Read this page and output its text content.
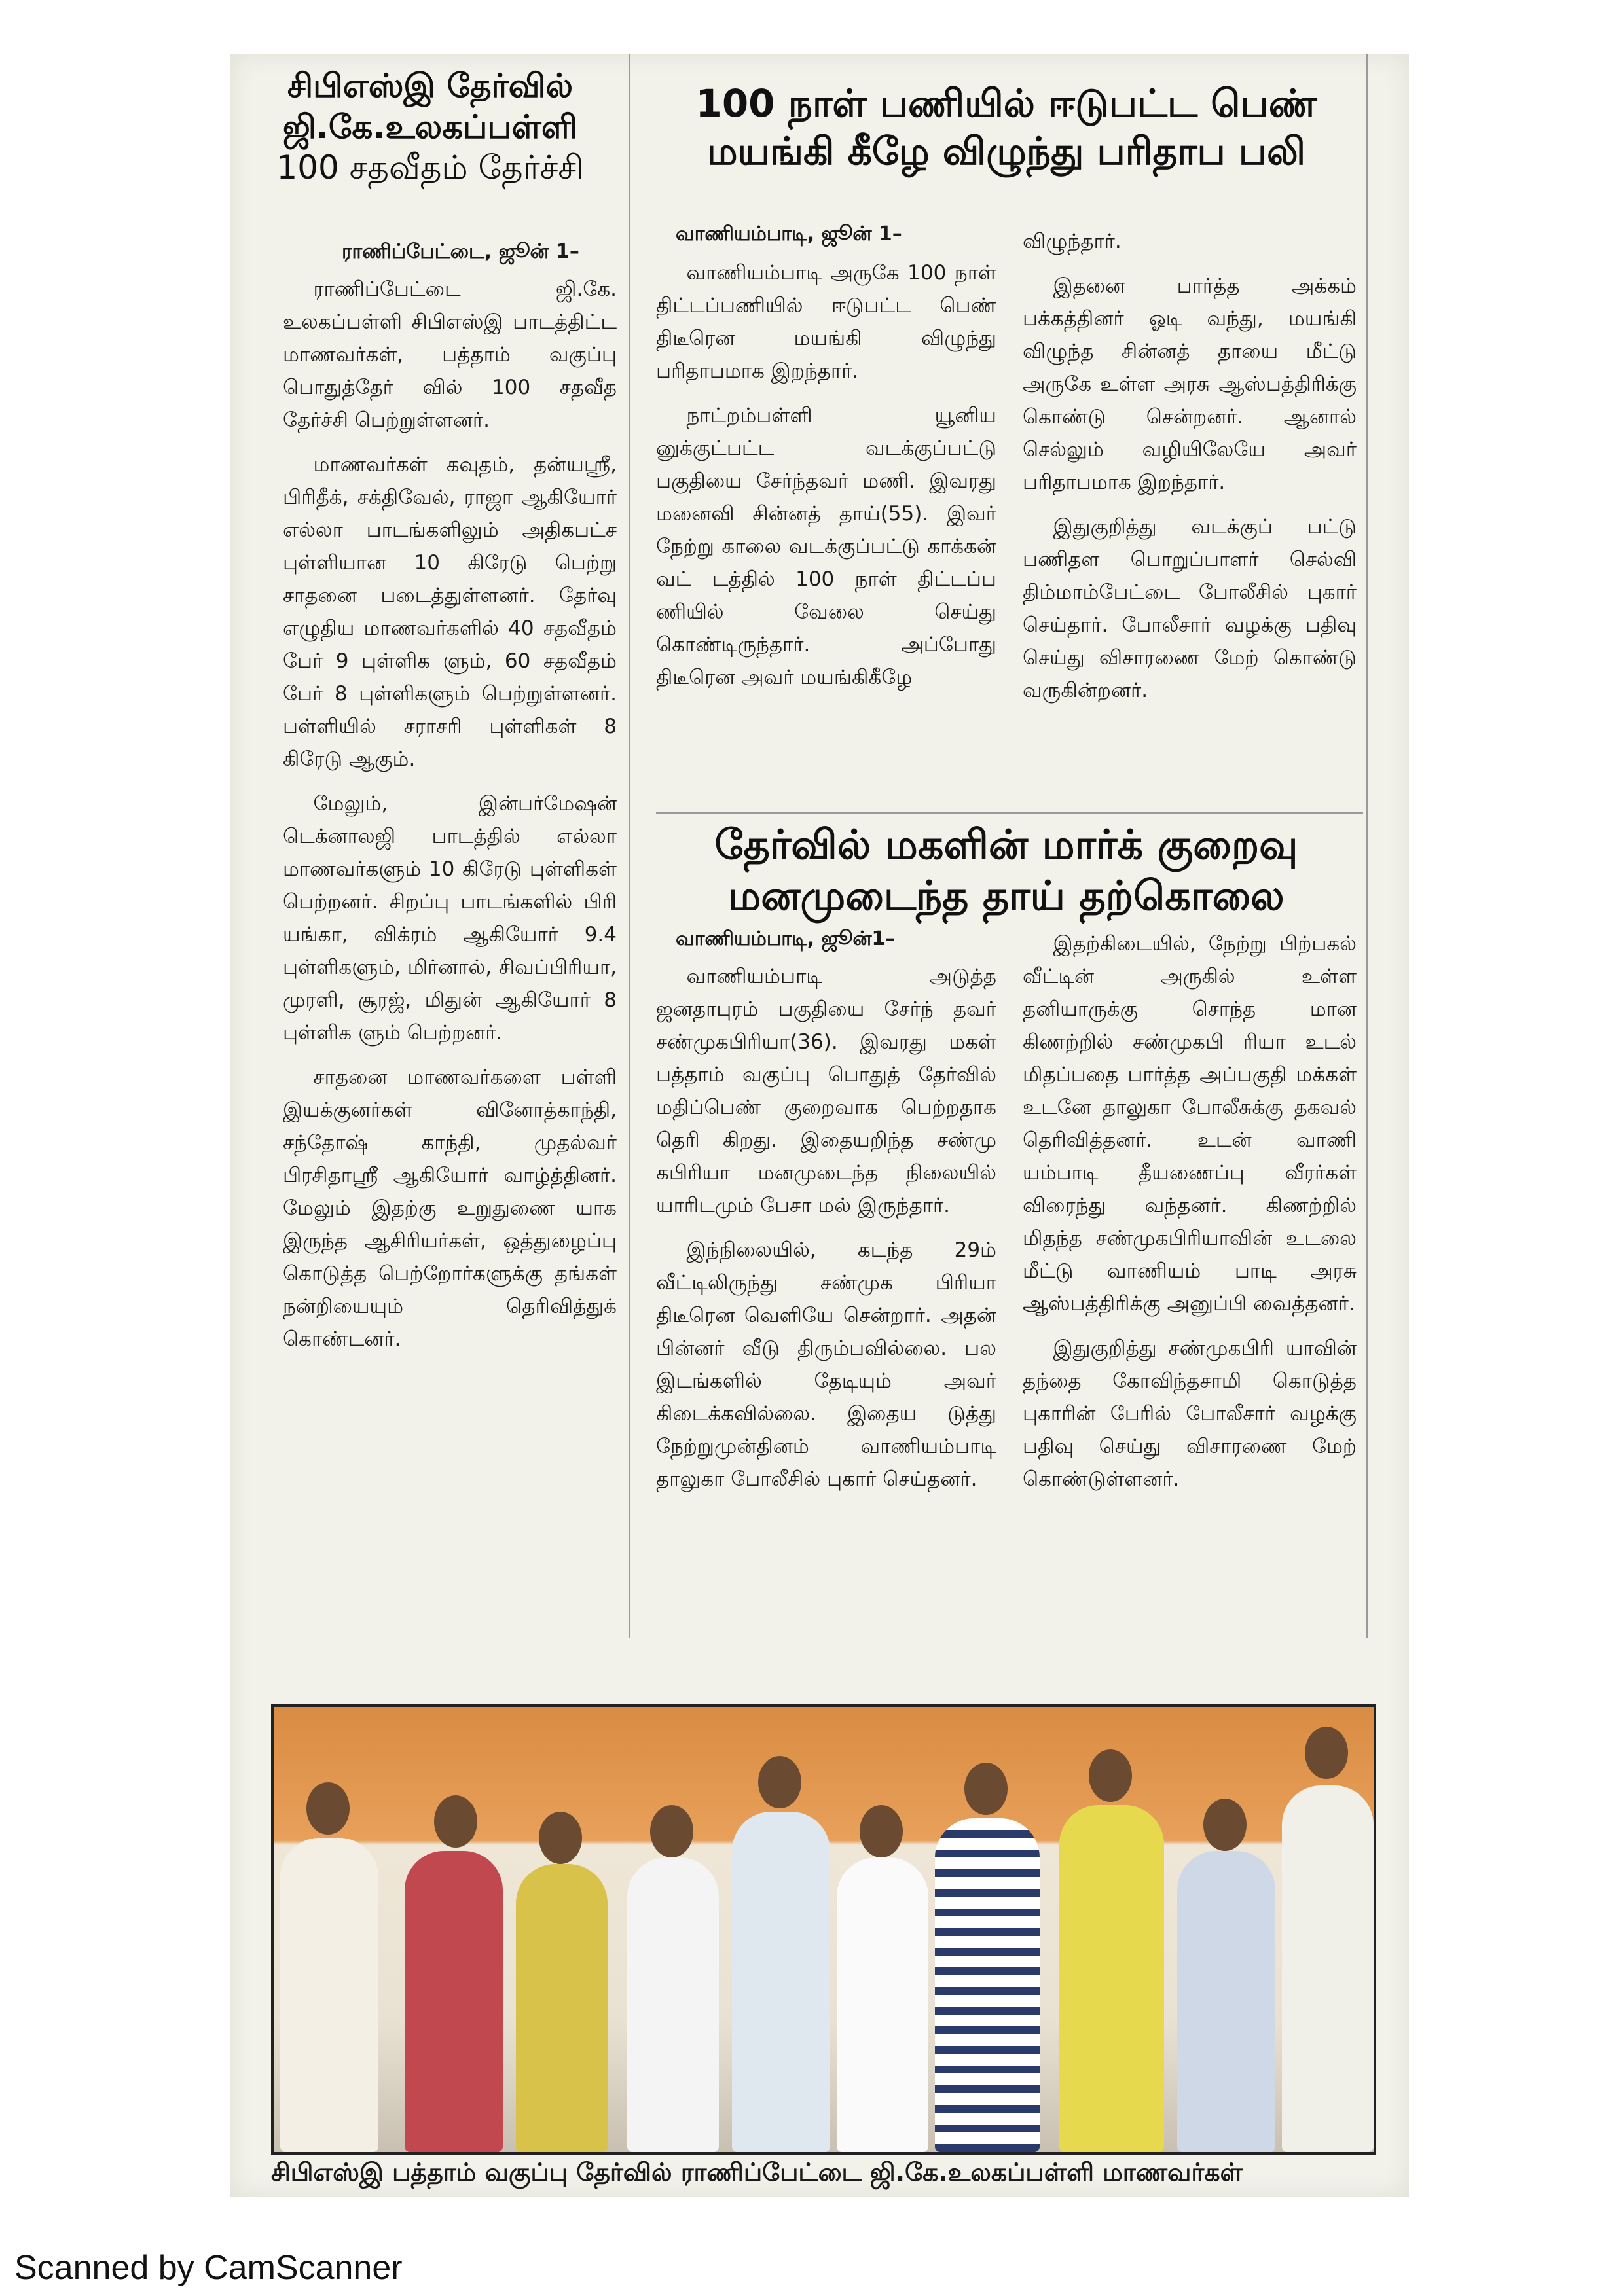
சிபிஎஸ்இ தேர்வில்
ஜி.கே.உலகப்பள்ளி
100 சதவீதம் தேர்ச்சி
ராணிப்பேட்டை, ஜூன் 1–

ராணிப்பேட்டை ஜி.கே. உலகப்பள்ளி சிபிஎஸ்இ பாடத்திட்ட மாணவர்கள், பத்தாம் வகுப்பு பொதுத்தேர் வில் 100 சதவீத தேர்ச்சி பெற்றுள்ளனர்.

மாணவர்கள் கவுதம், தன்யஸ்ரீ, பிரிதீக், சக்திவேல், ராஜா ஆகியோர் எல்லா பாடங்களிலும் அதிகபட்ச புள்ளியான 10 கிரேடு பெற்று சாதனை படைத்துள்ளனர். தேர்வு எழுதிய மாணவர்களில் 40 சதவீதம் பேர் 9 புள்ளிக ளும், 60 சதவீதம் பேர் 8 புள்ளிகளும் பெற்றுள்ளனர். பள்ளியில் சராசரி புள்ளிகள் 8 கிரேடு ஆகும்.

மேலும், இன்பர்மேஷன் டெக்னாலஜி பாடத்தில் எல்லா மாணவர்களும் 10 கிரேடு புள்ளிகள் பெற்றனர். சிறப்பு பாடங்களில் பிரி யங்கா, விக்ரம் ஆகியோர் 9.4 புள்ளிகளும், மிர்னால், சிவப்பிரியா, முரளி, சூரஜ், மிதுன் ஆகியோர் 8 புள்ளிக ளும் பெற்றனர்.

சாதனை மாணவர்களை பள்ளி இயக்குனர்கள் வினோத்காந்தி, சந்தோஷ் காந்தி, முதல்வர் பிரசிதாஸ்ரீ ஆகியோர் வாழ்த்தினர். மேலும் இதற்கு உறுதுணை யாக இருந்த ஆசிரியர்கள், ஒத்துழைப்பு கொடுத்த பெற்றோர்களுக்கு தங்கள் நன்றியையும் தெரிவித்துக் கொண்டனர்.

100 நாள் பணியில் ஈடுபட்ட பெண்
மயங்கி கீழே விழுந்து பரிதாப பலி
வாணியம்பாடி, ஜூன் 1–

வாணியம்பாடி அருகே 100 நாள் திட்டப்பணியில் ஈடுபட்ட பெண் திடீரென மயங்கி விழுந்து பரிதாபமாக இறந்தார்.

நாட்றம்பள்ளி யூனிய னுக்குட்பட்ட வடக்குப்பட்டு பகுதியை சேர்ந்தவர் மணி. இவரது மனைவி சின்னத் தாய்(55). இவர் நேற்று காலை வடக்குப்பட்டு காக்கன் வட் டத்தில் 100 நாள் திட்டப்ப ணியில் வேலை செய்து கொண்டிருந்தார். அப்போது திடீரென அவர் மயங்கிகீழே

விழுந்தார்.

இதனை பார்த்த அக்கம் பக்கத்தினர் ஓடி வந்து, மயங்கி விழுந்த சின்னத் தாயை மீட்டு அருகே உள்ள அரசு ஆஸ்பத்திரிக்கு கொண்டு சென்றனர். ஆனால் செல்லும் வழியிலேயே அவர் பரிதாபமாக இறந்தார்.

இதுகுறித்து வடக்குப் பட்டு பணிதள பொறுப்பாளர் செல்வி திம்மாம்பேட்டை போலீசில் புகார் செய்தார். போலீசார் வழக்கு பதிவு செய்து விசாரணை மேற் கொண்டு வருகின்றனர்.

தேர்வில் மகளின் மார்க் குறைவு
மனமுடைந்த தாய் தற்கொலை
வாணியம்பாடி, ஜூன்1–

வாணியம்பாடி அடுத்த ஜனதாபுரம் பகுதியை சேர்ந் தவர் சண்முகபிரியா(36). இவரது மகள் பத்தாம் வகுப்பு பொதுத் தேர்வில் மதிப்பெண் குறைவாக பெற்றதாக தெரி கிறது. இதையறிந்த சண்மு கபிரியா மனமுடைந்த நிலையில் யாரிடமும் பேசா மல் இருந்தார்.

இந்நிலையில், கடந்த 29ம் வீட்டிலிருந்து சண்முக பிரியா திடீரென வெளியே சென்றார். அதன் பின்னர் வீடு திரும்பவில்லை. பல இடங்களில் தேடியும் அவர் கிடைக்கவில்லை. இதைய டுத்து நேற்றுமுன்தினம் வாணியம்பாடி தாலுகா போலீசில் புகார் செய்தனர்.

இதற்கிடையில், நேற்று பிற்பகல் வீட்டின் அருகில் உள்ள தனியாருக்கு சொந்த மான கிணற்றில் சண்முகபி ரியா உடல் மிதப்பதை பார்த்த அப்பகுதி மக்கள் உடனே தாலுகா போலீசுக்கு தகவல் தெரிவித்தனர். உடன் வாணி யம்பாடி தீயணைப்பு வீரர்கள் விரைந்து வந்தனர். கிணற்றில் மிதந்த சண்முகபிரியாவின் உடலை மீட்டு வாணியம் பாடி அரசு ஆஸ்பத்திரிக்கு அனுப்பி வைத்தனர்.

இதுகுறித்து சண்முகபிரி யாவின் தந்தை கோவிந்தசாமி கொடுத்த புகாரின் பேரில் போலீசார் வழக்கு பதிவு செய்து விசாரணை மேற் கொண்டுள்ளனர்.

சிபிஎஸ்இ பத்தாம் வகுப்பு தேர்வில் ராணிப்பேட்டை ஜி.கே.உலகப்பள்ளி மாணவர்கள்
Scanned by CamScanner
